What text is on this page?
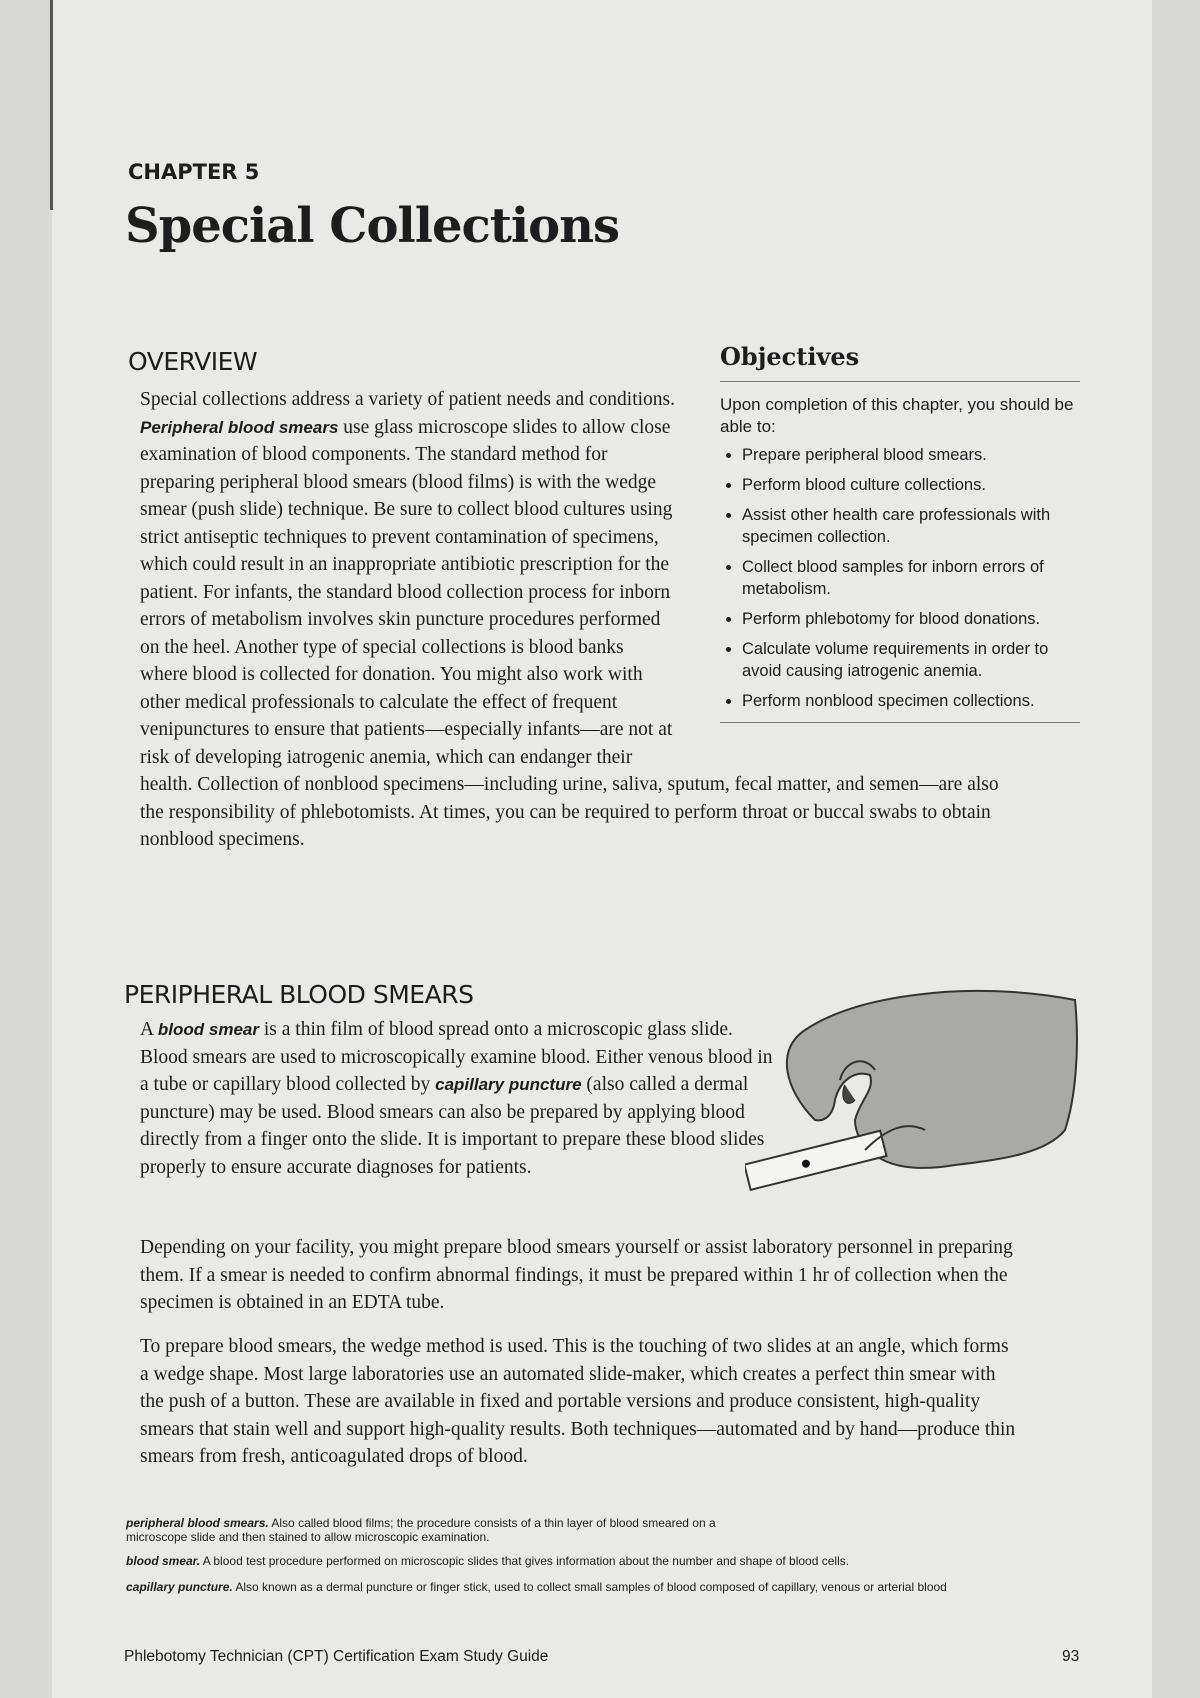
CHAPTER 5
Special Collections
OVERVIEW
Special collections address a variety of patient needs and conditions. Peripheral blood smears use glass microscope slides to allow close examination of blood components. The standard method for preparing peripheral blood smears (blood films) is with the wedge smear (push slide) technique. Be sure to collect blood cultures using strict antiseptic techniques to prevent contamination of specimens, which could result in an inappropriate antibiotic prescription for the patient. For infants, the standard blood collection process for inborn errors of metabolism involves skin puncture procedures performed on the heel. Another type of special collections is blood banks where blood is collected for donation. You might also work with other medical professionals to calculate the effect of frequent venipunctures to ensure that patients—especially infants—are not at risk of developing iatrogenic anemia, which can endanger their health. Collection of nonblood specimens—including urine, saliva, sputum, fecal matter, and semen—are also the responsibility of phlebotomists. At times, you can be required to perform throat or buccal swabs to obtain nonblood specimens.
Objectives
Upon completion of this chapter, you should be able to:
• Prepare peripheral blood smears.
• Perform blood culture collections.
• Assist other health care professionals with specimen collection.
• Collect blood samples for inborn errors of metabolism.
• Perform phlebotomy for blood donations.
• Calculate volume requirements in order to avoid causing iatrogenic anemia.
• Perform nonblood specimen collections.
PERIPHERAL BLOOD SMEARS
A blood smear is a thin film of blood spread onto a microscopic glass slide. Blood smears are used to microscopically examine blood. Either venous blood in a tube or capillary blood collected by capillary puncture (also called a dermal puncture) may be used. Blood smears can also be prepared by applying blood directly from a finger onto the slide. It is important to prepare these blood slides properly to ensure accurate diagnoses for patients.
Depending on your facility, you might prepare blood smears yourself or assist laboratory personnel in preparing them. If a smear is needed to confirm abnormal findings, it must be prepared within 1 hr of collection when the specimen is obtained in an EDTA tube.
To prepare blood smears, the wedge method is used. This is the touching of two slides at an angle, which forms a wedge shape. Most large laboratories use an automated slide-maker, which creates a perfect thin smear with the push of a button. These are available in fixed and portable versions and produce consistent, high-quality smears that stain well and support high-quality results. Both techniques—automated and by hand—produce thin smears from fresh, anticoagulated drops of blood.
peripheral blood smears. Also called blood films; the procedure consists of a thin layer of blood smeared on a microscope slide and then stained to allow microscopic examination.
blood smear. A blood test procedure performed on microscopic slides that gives information about the number and shape of blood cells.
capillary puncture. Also known as a dermal puncture or finger stick, used to collect small samples of blood composed of capillary, venous or arterial blood
Phlebotomy Technician (CPT) Certification Exam Study Guide	93
